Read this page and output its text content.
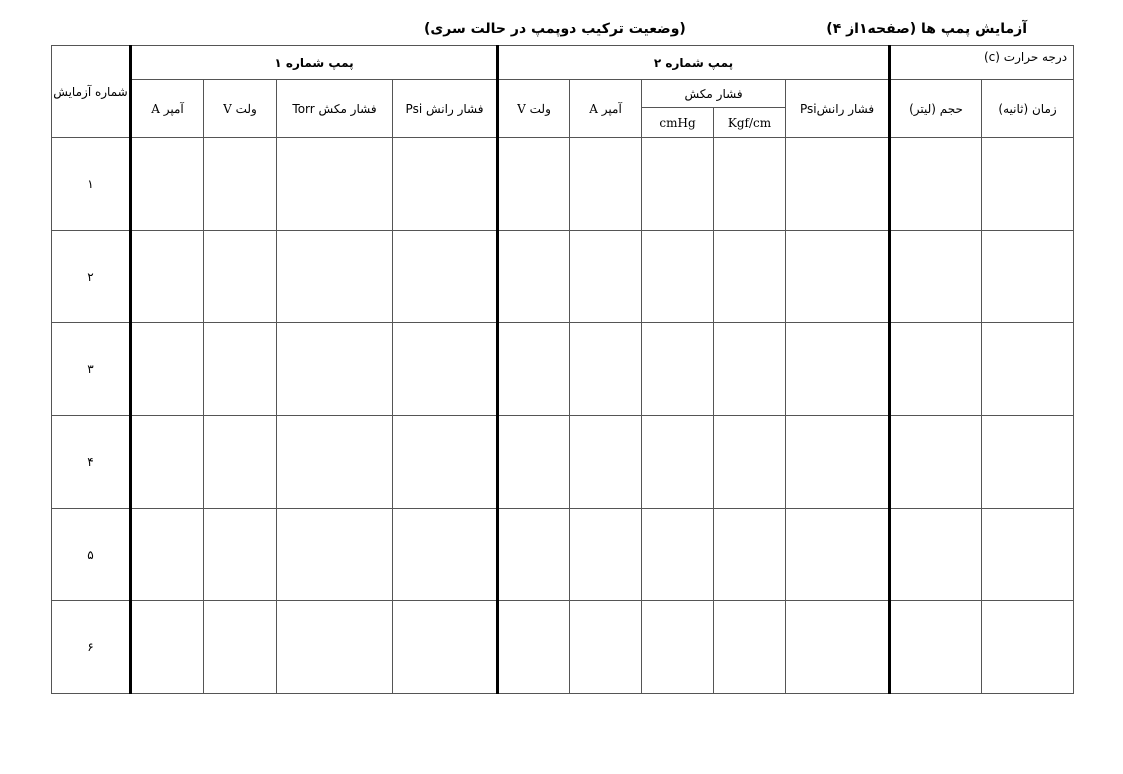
آزمایش پمپ ها (صفحه۱از ۴)
(وضعیت ترکیب دوپمپ در حالت سری)
شماره آزمایش	پمپ شماره ۱				پمپ شماره ۲					درجه حرارت (c)	
	آمپر A	ولت V	فشار مکش Torr	فشار رانش Psi	ولت V	آمپر A	فشار مکش		فشار رانشPsi	حجم (لیتر)	زمان (ثانیه)
							cmHg	Kgf/cm			
۱											
۲											
۳											
۴											
۵											
۶											
